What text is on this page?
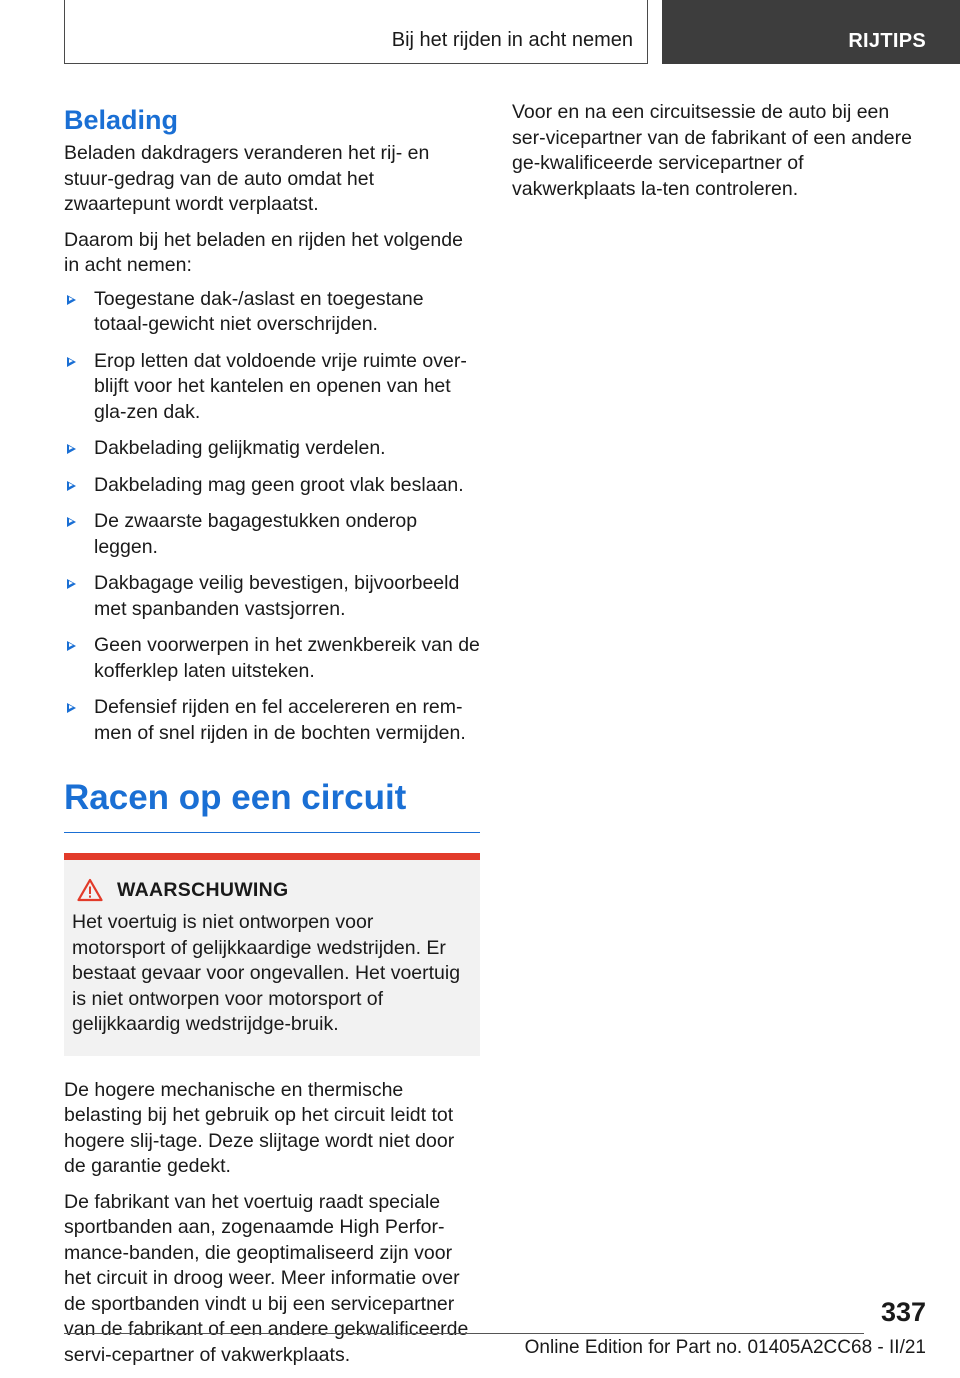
Bij het rijden in acht nemen	RIJTIPS
Belading

Beladen dakdragers veranderen het rij- en stuur-gedrag van de auto omdat het zwaartepunt wordt verplaatst.

Daarom bij het beladen en rijden het volgende in acht nemen:

Toegestane dak-/aslast en toegestane totaal-gewicht niet overschrijden.
Erop letten dat voldoende vrije ruimte over-blijft voor het kantelen en openen van het gla-zen dak.
Dakbelading gelijkmatig verdelen.
Dakbelading mag geen groot vlak beslaan.
De zwaarste bagagestukken onderop leggen.
Dakbagage veilig bevestigen, bijvoorbeeld met spanbanden vastsjorren.
Geen voorwerpen in het zwenkbereik van de kofferklep laten uitsteken.
Defensief rijden en fel accelereren en rem-men of snel rijden in de bochten vermijden.
Racen op een circuit
WAARSCHUWING

Het voertuig is niet ontworpen voor motorsport of gelijkkaardige wedstrijden. Er bestaat gevaar voor ongevallen. Het voertuig is niet ontworpen voor motorsport of gelijkkaardig wedstrijdge-bruik.

De hogere mechanische en thermische belasting bij het gebruik op het circuit leidt tot hogere slij-tage. Deze slijtage wordt niet door de garantie gedekt.

De fabrikant van het voertuig raadt speciale sportbanden aan, zogenaamde High Perfor-mance-banden, die geoptimaliseerd zijn voor het circuit in droog weer. Meer informatie over de sportbanden vindt u bij een servicepartner van de fabrikant of een andere gekwalificeerde servi-cepartner of vakwerkplaats.

Voor en na een circuitsessie de auto bij een ser-vicepartner van de fabrikant of een andere ge-kwalificeerde servicepartner of vakwerkplaats la-ten controleren.

337
Online Edition for Part no. 01405A2CC68 - II/21
